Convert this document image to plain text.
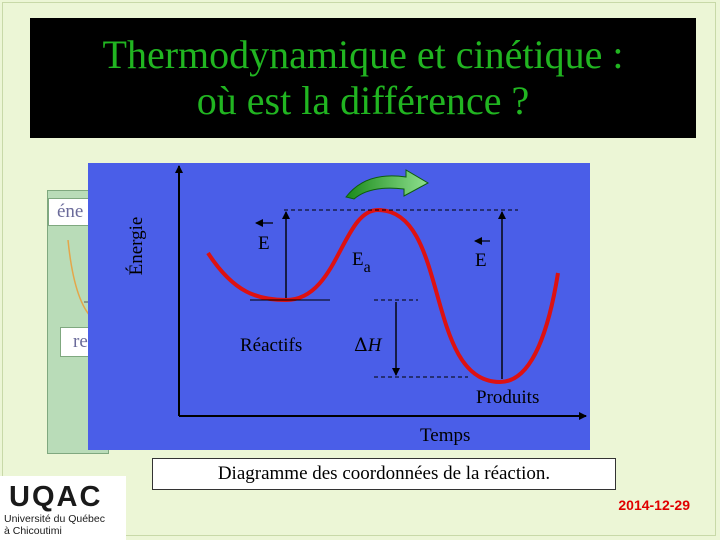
Thermodynamique et cinétique :
où est la différence ?
éne
re
Énergie	E
$E_a$	E
Réactifs	ΔH
Produits
Temps
Diagramme des coordonnées de la réaction.
UQAC
Université du Québec
à Chicoutimi
2014-12-29
